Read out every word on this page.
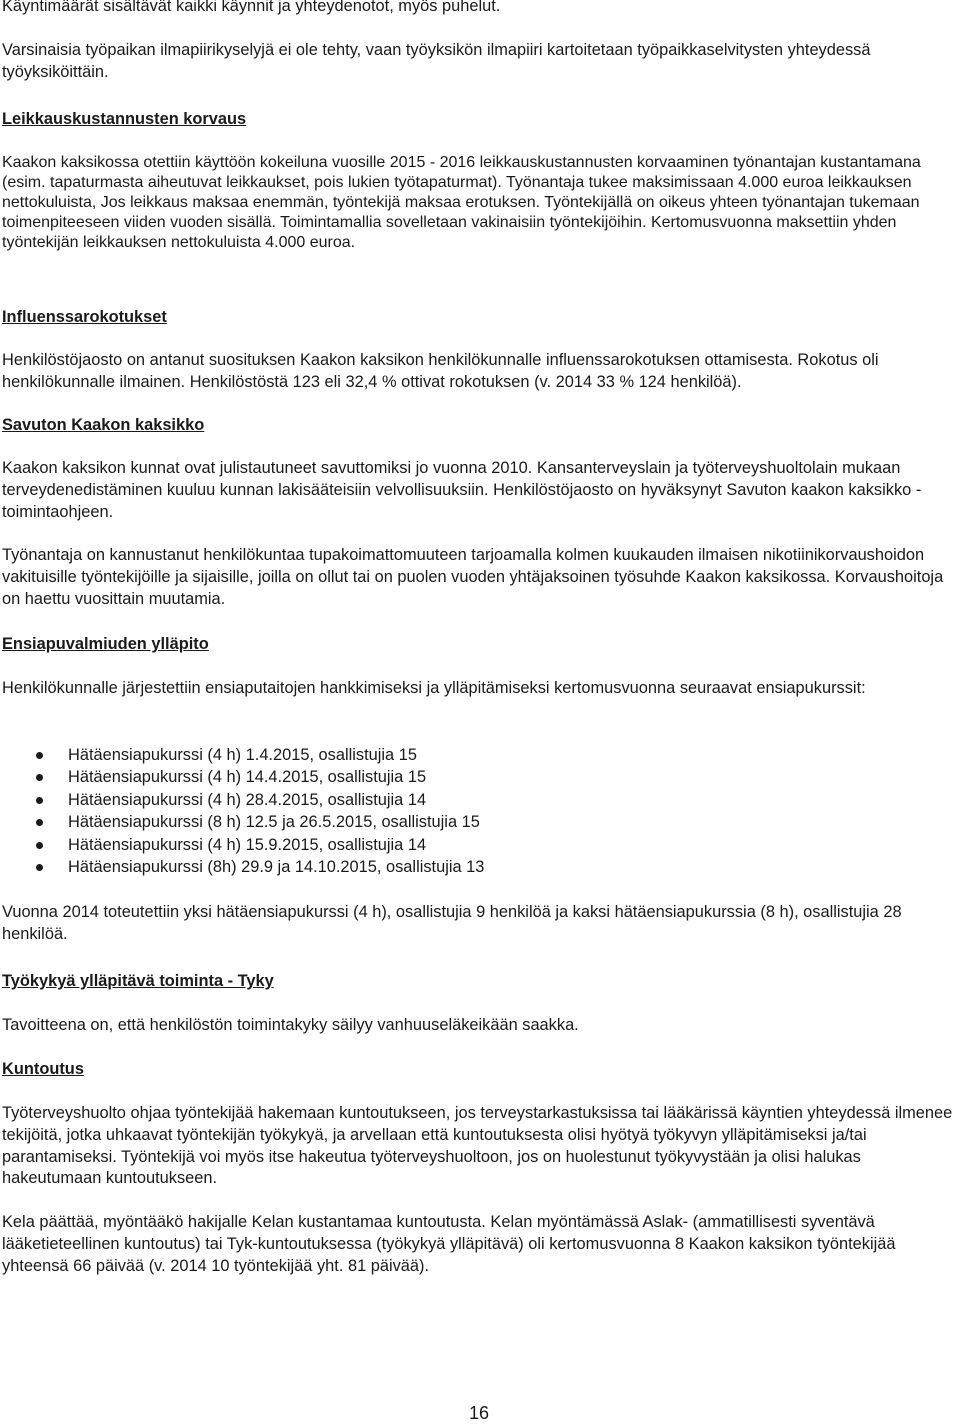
Käyntimäärät sisältävät kaikki käynnit ja yhteydenotot, myös puhelut.

Varsinaisia työpaikan ilmapiirikyselyjä ei ole tehty, vaan työyksikön ilmapiiri kartoitetaan työpaikkaselvitysten yhteydessä työyksiköittäin.

Leikkauskustannusten korvaus

Kaakon kaksikossa otettiin käyttöön kokeiluna vuosille 2015 - 2016 leikkauskustannusten korvaaminen työnantajan kustantamana (esim. tapaturmasta aiheutuvat leikkaukset, pois lukien työtapaturmat). Työnantaja tukee maksimissaan 4.000 euroa leikkauksen nettokuluista, Jos leikkaus maksaa enemmän, työntekijä maksaa erotuksen. Työntekijällä on oikeus yhteen työnantajan tukemaan toimenpiteeseen viiden vuoden sisällä. Toimintamallia sovelletaan vakinaisiin työntekijöihin. Kertomusvuonna maksettiin yhden työntekijän leikkauksen nettokuluista 4.000 euroa.

Influenssarokotukset

Henkilöstöjaosto on antanut suosituksen Kaakon kaksikon henkilökunnalle influenssarokotuksen ottamisesta. Rokotus oli henkilökunnalle ilmainen. Henkilöstöstä 123 eli 32,4 % ottivat rokotuksen (v. 2014 33 % 124 henkilöä).

Savuton Kaakon kaksikko

Kaakon kaksikon kunnat ovat julistautuneet savuttomiksi jo vuonna 2010. Kansanterveyslain ja työterveyshuoltolain mukaan terveydenedistäminen kuuluu kunnan lakisääteisiin velvollisuuksiin. Henkilöstöjaosto on hyväksynyt Savuton kaakon kaksikko - toimintaohjeen.

Työnantaja on kannustanut henkilökuntaa tupakoimattomuuteen tarjoamalla kolmen kuukauden ilmaisen nikotiinikorvaushoidon vakituisille työntekijöille ja sijaisille, joilla on ollut tai on puolen vuoden yhtäjaksoinen työsuhde Kaakon kaksikossa. Korvaushoitoja on haettu vuosittain muutamia.

Ensiapuvalmiuden ylläpito

Henkilökunnalle järjestettiin ensiaputaitojen hankkimiseksi ja ylläpitämiseksi kertomusvuonna seuraavat ensiapukurssit:

Hätäensiapukurssi (4 h) 1.4.2015, osallistujia 15
Hätäensiapukurssi (4 h) 14.4.2015, osallistujia 15
Hätäensiapukurssi (4 h) 28.4.2015, osallistujia 14
Hätäensiapukurssi (8 h) 12.5 ja 26.5.2015, osallistujia 15
Hätäensiapukurssi (4 h) 15.9.2015, osallistujia 14
Hätäensiapukurssi (8h) 29.9 ja 14.10.2015, osallistujia 13

Vuonna 2014 toteutettiin yksi hätäensiapukurssi (4 h), osallistujia 9 henkilöä ja kaksi hätäensiapukurssia (8 h), osallistujia 28 henkilöä.

Työkykyä ylläpitävä toiminta - Tyky

Tavoitteena on, että henkilöstön toimintakyky säilyy vanhuuseläkeikään saakka.

Kuntoutus

Työterveyshuolto ohjaa työntekijää hakemaan kuntoutukseen, jos terveystarkastuksissa tai lääkärissä käyntien yhteydessä ilmenee tekijöitä, jotka uhkaavat työntekijän työkykyä, ja arvellaan että kuntoutuksesta olisi hyötyä työkyvyn ylläpitämiseksi ja/tai parantamiseksi. Työntekijä voi myös itse hakeutua työterveyshuoltoon, jos on huolestunut työkyvystään ja olisi halukas hakeutumaan kuntoutukseen.

Kela päättää, myöntääkö hakijalle Kelan kustantamaa kuntoutusta. Kelan myöntämässä Aslak- (ammatillisesti syventävä lääketieteellinen kuntoutus) tai Tyk-kuntoutuksessa (työkykyä ylläpitävä) oli kertomusvuonna 8 Kaakon kaksikon työntekijää yhteensä 66 päivää (v. 2014 10 työntekijää yht. 81 päivää).

16
